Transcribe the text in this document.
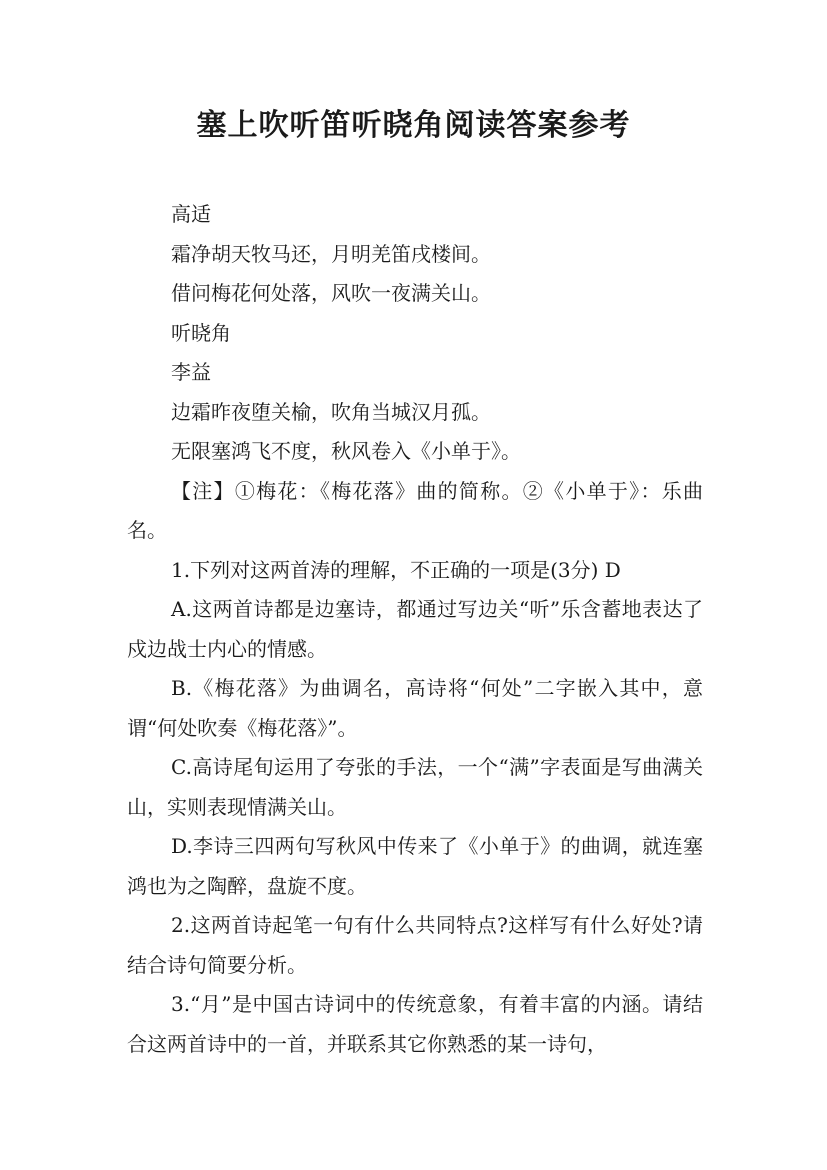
塞上吹听笛听晓角阅读答案参考

高适

霜净胡天牧马还，月明羌笛戌楼间。

借问梅花何处落，风吹一夜满关山。

听晓角

李益

边霜昨夜堕关榆，吹角当城汉月孤。

无限塞鸿飞不度，秋风卷入《小单于》。

【注】①梅花：《梅花落》曲的简称。②《小单于》：乐曲名。

1.下列对这两首涛的理解，不正确的一项是(3分) D

A.这两首诗都是边塞诗，都通过写边关“听”乐含蓄地表达了戍边战士内心的情感。

B.《梅花落》为曲调名，高诗将“何处”二字嵌入其中，意谓“何处吹奏《梅花落》”。

C.高诗尾旬运用了夸张的手法，一个“满”字表面是写曲满关山，实则表现情满关山。

D.李诗三四两句写秋风中传来了《小单于》的曲调，就连塞鸿也为之陶醉，盘旋不度。

2.这两首诗起笔一句有什么共同特点?这样写有什么好处?请结合诗句简要分析。

3.“月”是中国古诗词中的传统意象，有着丰富的内涵。请结合这两首诗中的一首，并联系其它你熟悉的某一诗句，
